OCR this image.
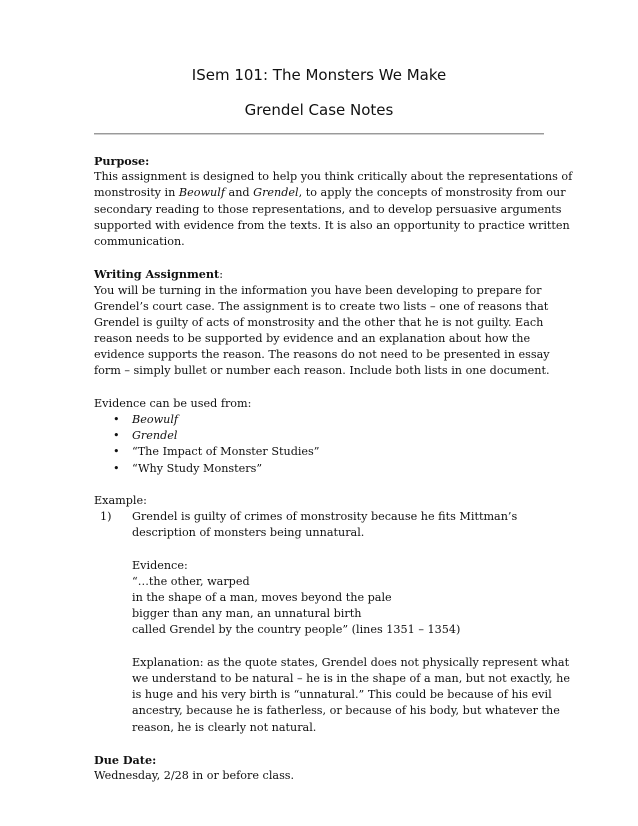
ISem 101: The Monsters We Make
Grendel Case Notes
Purpose:
This assignment is designed to help you think critically about the representations of
monstrosity in Beowulf and Grendel, to apply the concepts of monstrosity from our
secondary reading to those representations, and to develop persuasive arguments
supported with evidence from the texts. It is also an opportunity to practice written
communication.
Writing Assignment:
You will be turning in the information you have been developing to prepare for
Grendel’s court case. The assignment is to create two lists – one of reasons that
Grendel is guilty of acts of monstrosity and the other that he is not guilty. Each
reason needs to be supported by evidence and an explanation about how the
evidence supports the reason. The reasons do not need to be presented in essay
form – simply bullet or number each reason. Include both lists in one document.
Evidence can be used from:
• Beowulf
• Grendel
• “The Impact of Monster Studies”
• “Why Study Monsters”
Example:
1) Grendel is guilty of crimes of monstrosity because he fits Mittman’s
description of monsters being unnatural.
Evidence:
“…the other, warped
in the shape of a man, moves beyond the pale
bigger than any man, an unnatural birth
called Grendel by the country people” (lines 1351 – 1354)
Explanation: as the quote states, Grendel does not physically represent what
we understand to be natural – he is in the shape of a man, but not exactly, he
is huge and his very birth is “unnatural.” This could be because of his evil
ancestry, because he is fatherless, or because of his body, but whatever the
reason, he is clearly not natural.
Due Date:
Wednesday, 2/28 in or before class.
